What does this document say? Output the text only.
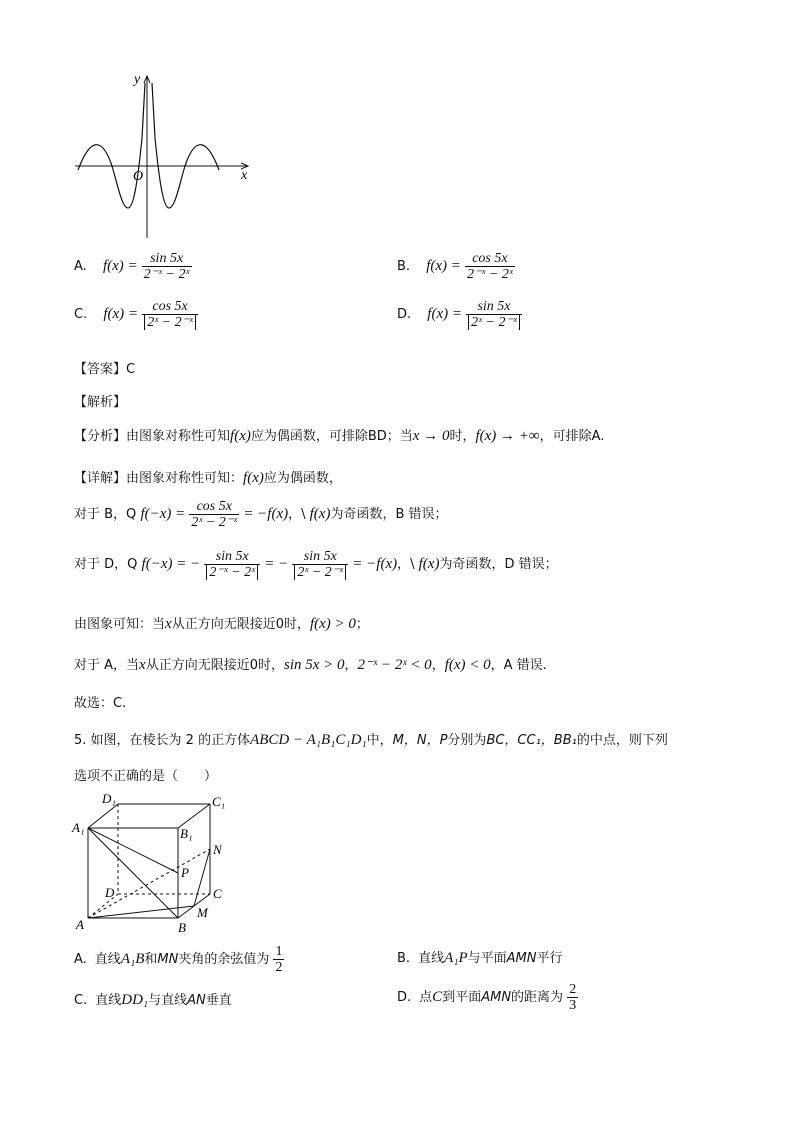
y
x
O
A. $f(x) = \frac{\sin 5x}{\text{2⁻ˣ − 2ˣ}}$	B. $f(x) = \frac{\cos 5x}{\text{2⁻ˣ − 2ˣ}}$
C. $f(x) = \frac{\cos 5x}{\text{2ˣ − 2⁻ˣ}}$	D. $f(x) = \frac{\sin 5x}{\text{2ˣ − 2⁻ˣ}}$
【答案】C
【解析】
【分析】由图象对称性可知f(x)应为偶函数，可排除BD；当x → 0时，f(x) → +∞，可排除A.
【详解】由图象对称性可知：f(x)应为偶函数，
对于 B，Q $f(-x) = \frac{\cos 5x}{\text{2ˣ − 2⁻ˣ}} = -f(x)$，\ f(x)为奇函数，B 错误；
对于 D，Q f(−x) = − $\frac{\sin 5x}{\text{2⁻ˣ − 2ˣ}}$ = − $\frac{\sin 5x}{\text{2ˣ − 2⁻ˣ}} = -f(x)$，\ f(x)为奇函数，D 错误；
由图象可知：当x从正方向无限接近0时，f(x) > 0；
对于 A，当x从正方向无限接近0时，sin 5x > 0，2⁻ˣ − 2ˣ < 0，f(x) < 0，A 错误.
故选：C.
5. 如图，在棱长为 2 的正方体ABCD − A₁B₁C₁D₁中，M，N，P分别为BC，CC₁，BB₁的中点，则下列
选项不正确的是（　　）
D₁	C₁
A₁	B₁
N
P
D	C
A	B
M
A. 直线A₁B和MN夹角的余弦值为 $\frac{1}{2}$	B. 直线A₁P与平面AMN平行
C. 直线DD₁与直线AN垂直	D. 点C到平面AMN的距离为 $\frac{2}{3}$
